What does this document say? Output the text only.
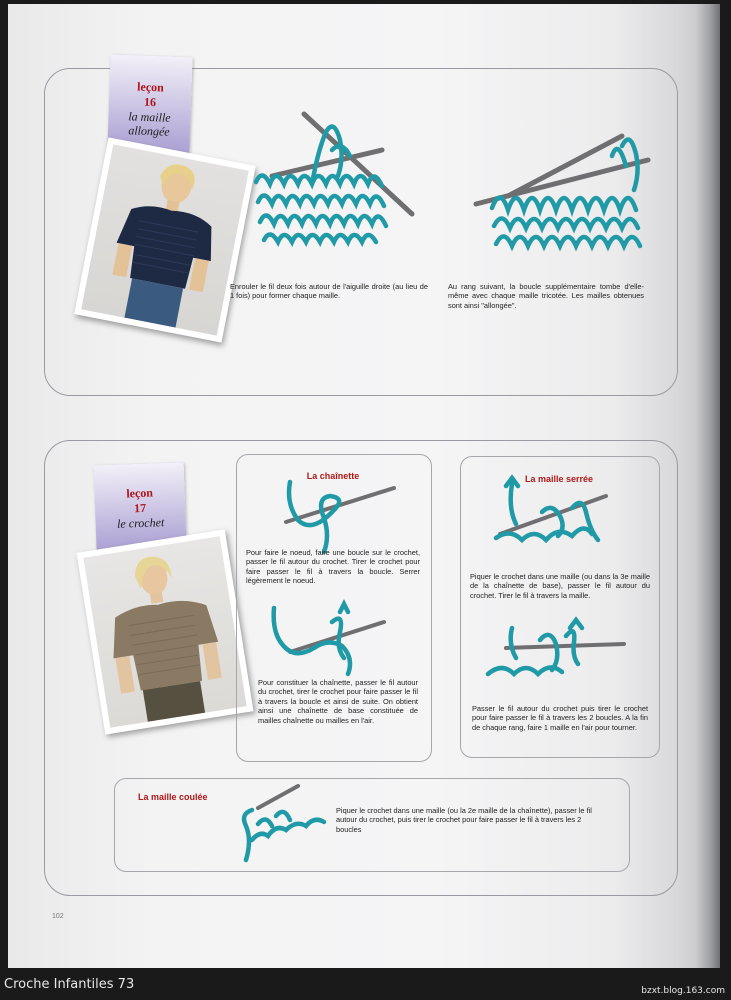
leçon
16
la maille allongée
Enrouler le fil deux fois autour de l'aiguille droite (au lieu de 1 fois) pour former chaque maille.
Au rang suivant, la boucle supplémentaire tombe d'elle-même avec chaque maille tricotée. Les mailles obtenues sont ainsi "allongée".
leçon
17
le crochet
La chaînette
Pour faire le noeud, faire une boucle sur le crochet, passer le fil autour du crochet. Tirer le crochet pour faire passer le fil à travers la boucle. Serrer légèrement le noeud.
Pour constituer la chaînette, passer le fil autour du crochet, tirer le crochet pour faire passer le fil à travers la boucle et ainsi de suite. On obtient ainsi une chaînette de base constituée de mailles chaînette ou mailles en l'air.
La maille serrée
Piquer le crochet dans une maille (ou dans la 3e maille de la chaînette de base), passer le fil autour du crochet. Tirer le fil à travers la maille.
Passer le fil autour du crochet puis tirer le crochet pour faire passer le fil à travers les 2 boucles. A la fin de chaque rang, faire 1 maille en l'air pour tourner.
La maille coulée
Piquer le crochet dans une maille (ou la 2e maille de la chaînette), passer le fil autour du crochet, puis tirer le crochet pour faire passer le fil à travers les 2 boucles
102
Croche Infantiles 73	bzxt.blog.163.com
